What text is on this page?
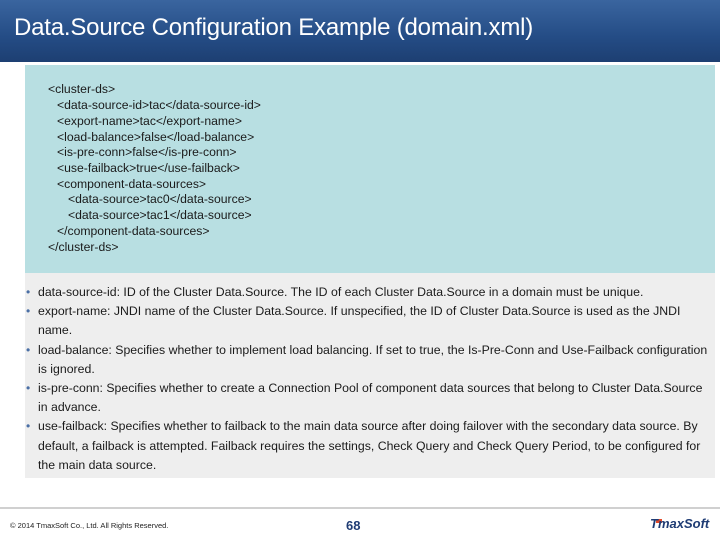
Data.Source Configuration Example (domain.xml)
<cluster-ds>
<data-source-id>tac</data-source-id>
<export-name>tac</export-name>
<load-balance>false</load-balance>
<is-pre-conn>false</is-pre-conn>
<use-failback>true</use-failback>
<component-data-sources>
<data-source>tac0</data-source>
<data-source>tac1</data-source>
</component-data-sources>
</cluster-ds>
• data-source-id: ID of the Cluster Data.Source. The ID of each Cluster Data.Source in a domain must be unique.
• export-name: JNDI name of the Cluster Data.Source. If unspecified, the ID of Cluster Data.Source is used as the JNDI name.
• load-balance: Specifies whether to implement load balancing. If set to true, the Is-Pre-Conn and Use-Failback configuration is ignored.
• is-pre-conn: Specifies whether to create a Connection Pool of component data sources that belong to Cluster Data.Source in advance.
• use-failback: Specifies whether to failback to the main data source after doing failover with the secondary data source. By default, a failback is attempted. Failback requires the settings, Check Query and Check Query Period, to be configured for the main data source.
© 2014 TmaxSoft Co., Ltd. All Rights Reserved.	68	TmaxSoft
